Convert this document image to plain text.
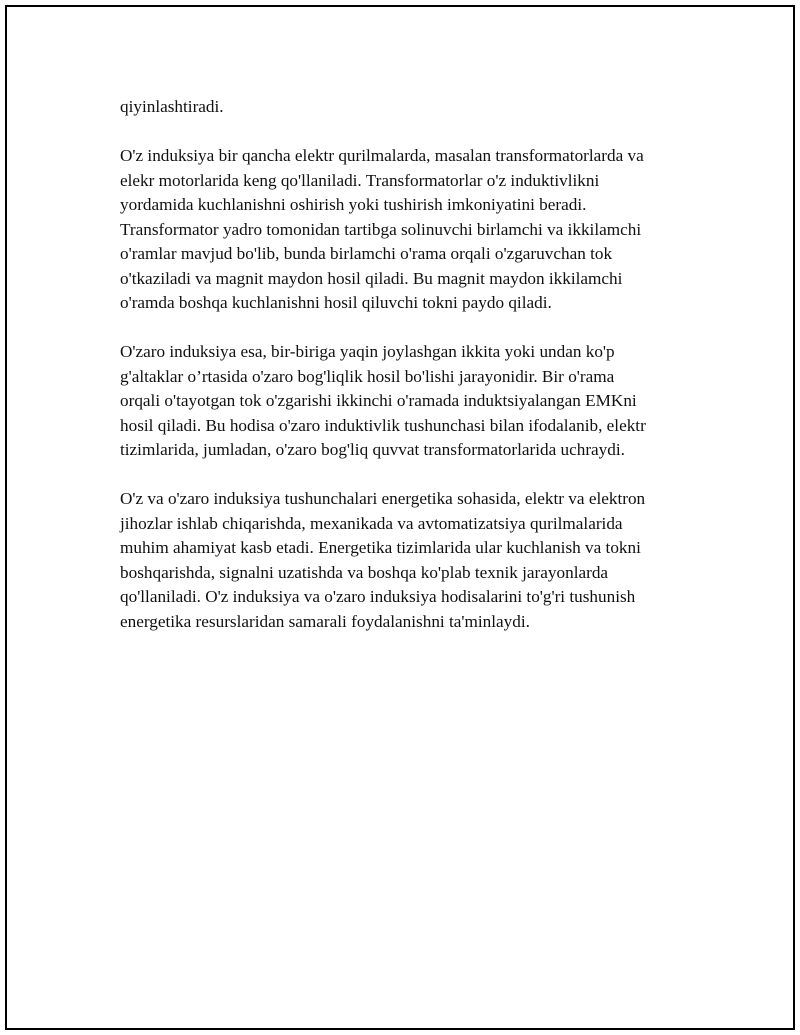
qiyinlashtiradi.

O'z induksiya bir qancha elektr qurilmalarda, masalan transformatorlarda va
elekr motorlarida keng qo'llaniladi. Transformatorlar o'z induktivlikni
yordamida kuchlanishni oshirish yoki tushirish imkoniyatini beradi.
Transformator yadro tomonidan tartibga solinuvchi birlamchi va ikkilamchi
o'ramlar mavjud bo'lib, bunda birlamchi o'rama orqali o'zgaruvchan tok
o'tkaziladi va magnit maydon hosil qiladi. Bu magnit maydon ikkilamchi
o'ramda boshqa kuchlanishni hosil qiluvchi tokni paydo qiladi.

O'zaro induksiya esa, bir-biriga yaqin joylashgan ikkita yoki undan ko'p
g'altaklar o’rtasida o'zaro bog'liqlik hosil bo'lishi jarayonidir. Bir o'rama
orqali o'tayotgan tok o'zgarishi ikkinchi o'ramada induktsiyalangan EMKni
hosil qiladi. Bu hodisa o'zaro induktivlik tushunchasi bilan ifodalanib, elektr
tizimlarida, jumladan, o'zaro bog'liq quvvat transformatorlarida uchraydi.

O'z va o'zaro induksiya tushunchalari energetika sohasida, elektr va elektron
jihozlar ishlab chiqarishda, mexanikada va avtomatizatsiya qurilmalarida
muhim ahamiyat kasb etadi. Energetika tizimlarida ular kuchlanish va tokni
boshqarishda, signalni uzatishda va boshqa ko'plab texnik jarayonlarda
qo'llaniladi. O'z induksiya va o'zaro induksiya hodisalarini to'g'ri tushunish
energetika resurslaridan samarali foydalanishni ta'minlaydi.
